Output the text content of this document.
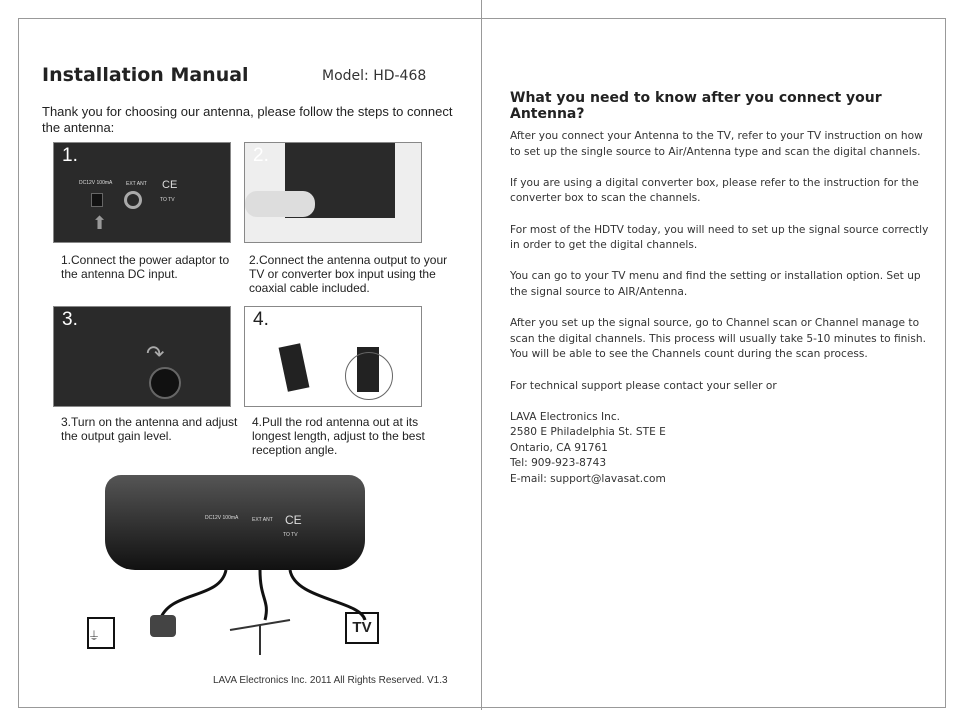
Installation Manual	Model: HD-468
Thank you for choosing our antenna, please follow the steps to connect the antenna:
1.
DC12V 100mA	EXT ANT CE
TO TV
⬆
1.Connect the power adaptor to the antenna DC input.
2.
2.Connect the antenna output to your TV or converter box input using the coaxial cable included.
3.
↷
3.Turn on the antenna and adjust the output gain level.
4.
4.Pull the rod antenna out at its longest length, adjust to the best reception angle.
DC12V 100mA	EXT ANT CE
TO TV
⏚	TV
LAVA Electronics Inc. 2011 All Rights Reserved. V1.3
What you need to know after you connect your Antenna?

After you connect your Antenna to the TV, refer to your TV instruction on how to set up the single source to Air/Antenna type and scan the digital channels.

If you are using a digital converter box, please refer to the instruction for the converter box to scan the channels.

For most of the HDTV today, you will need to set up the signal source correctly in order to get the digital channels.

You can go to your TV menu and find the setting or installation option. Set up the signal source to AIR/Antenna.

After you set up the signal source, go to Channel scan or Channel manage to scan the digital channels. This process will usually take 5-10 minutes to finish. You will be able to see the Channels count during the scan process.

For technical support please contact your seller or

LAVA Electronics Inc.

2580 E Philadelphia St. STE E

Ontario, CA 91761

Tel: 909-923-8743

E-mail: support@lavasat.com
